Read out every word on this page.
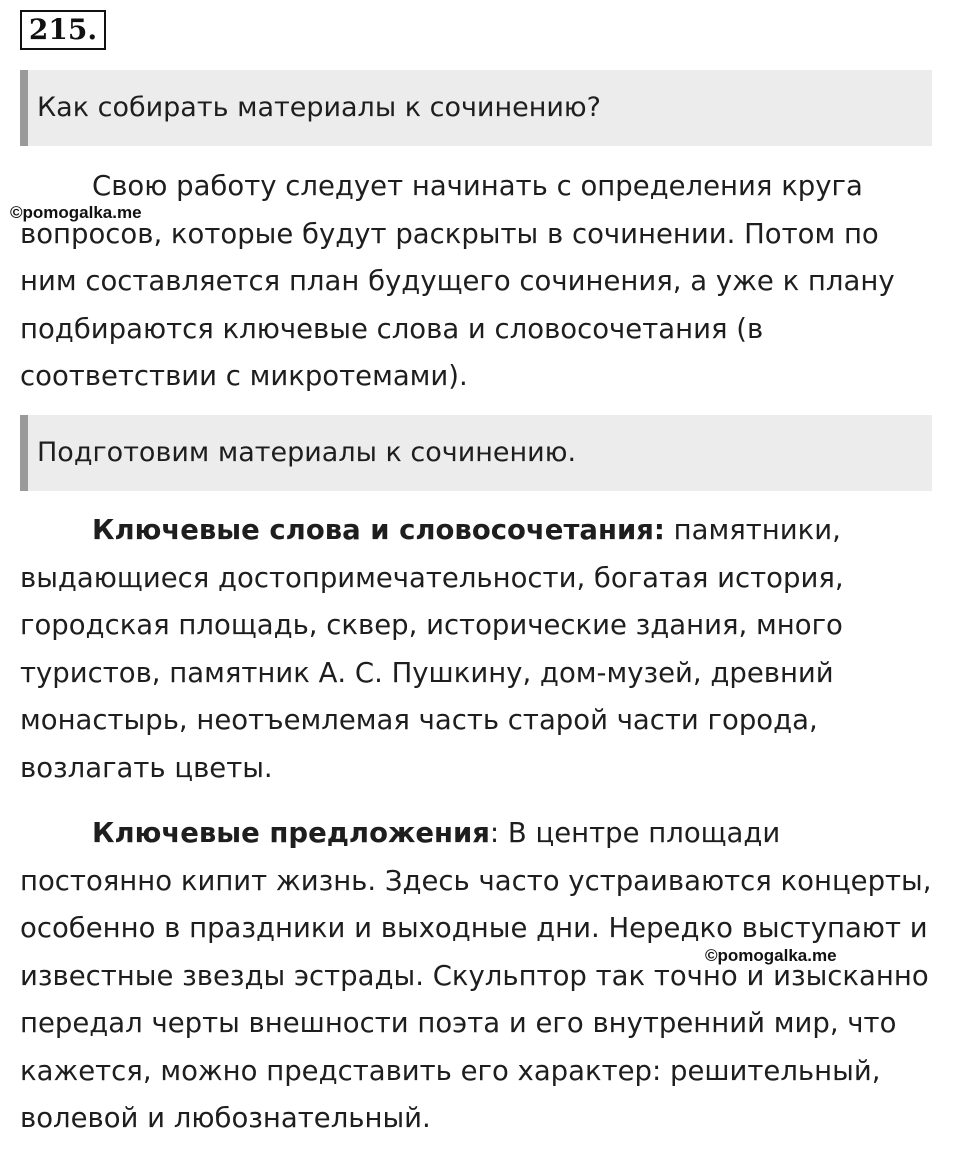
215.
Как собирать материалы к сочинению?

Свою работу следует начинать с определения круга вопросов, которые будут раскрыты в сочинении. Потом по ним составляется план будущего сочинения, а уже к плану подбираются ключевые слова и словосочетания (в соответствии с микротемами).

©pomogalka.me
Подготовим материалы к сочинению.

Ключевые слова и словосочетания: памятники, выдающиеся достопримечательности, богатая история, городская площадь, сквер, исторические здания, много туристов, памятник А. С. Пушкину, дом-музей, древний монастырь, неотъемлемая часть старой части города, возлагать цветы.

Ключевые предложения: В центре площади постоянно кипит жизнь. Здесь часто устраиваются концерты, особенно в праздники и выходные дни. Нередко выступают и известные звезды эстрады. Скульптор так точно и изысканно передал черты внешности поэта и его внутренний мир, что кажется, можно представить его характер: решительный, волевой и любознательный.

©pomogalka.me
